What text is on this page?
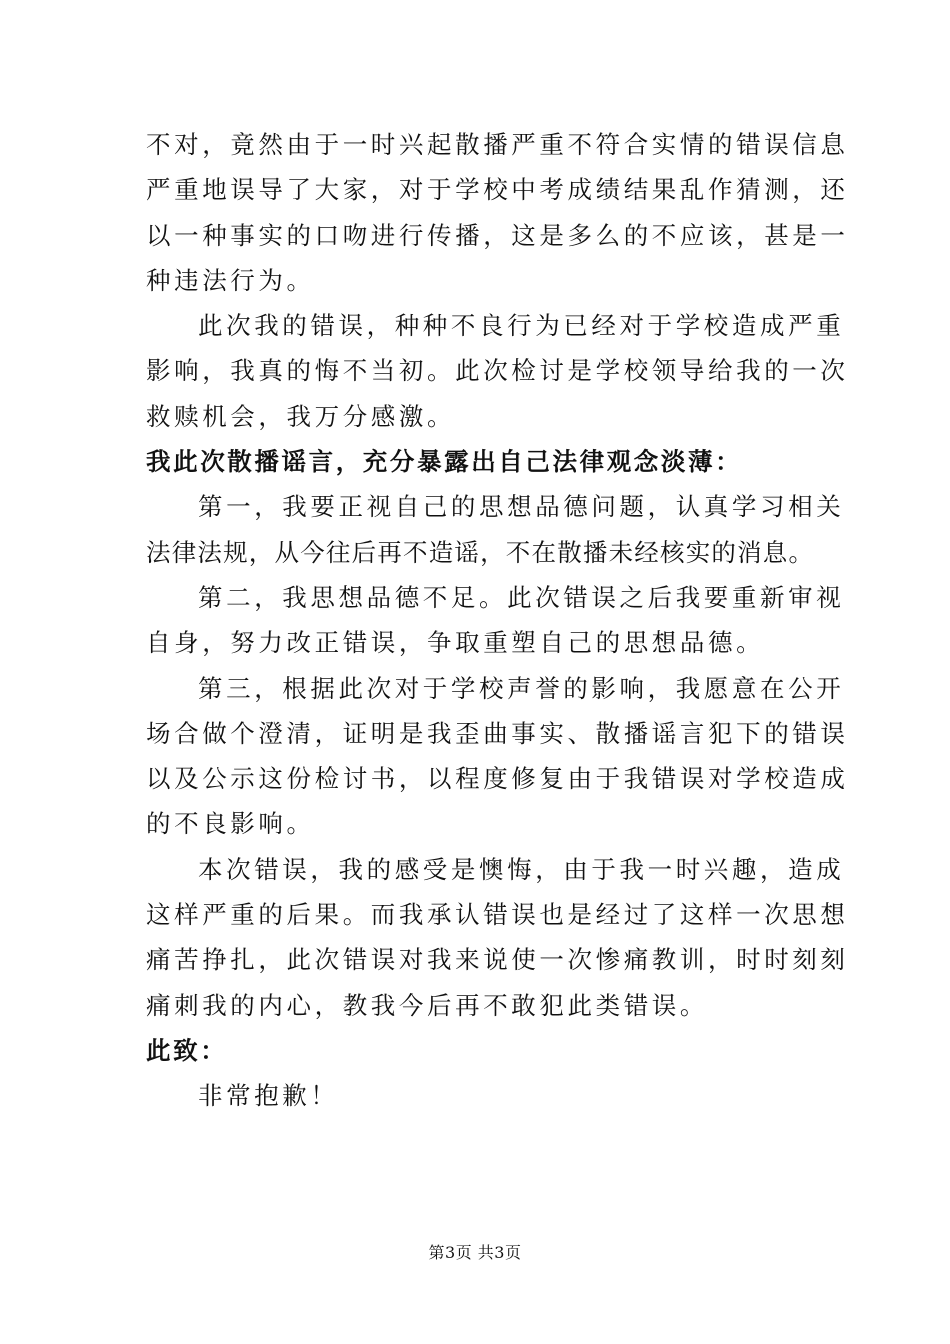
不对，竟然由于一时兴起散播严重不符合实情的错误信息
严重地误导了大家，对于学校中考成绩结果乱作猜测，还
以一种事实的口吻进行传播，这是多么的不应该，甚是一
种违法行为。
此次我的错误，种种不良行为已经对于学校造成严重
影响，我真的悔不当初。此次检讨是学校领导给我的一次
救赎机会，我万分感激。
我此次散播谣言，充分暴露出自己法律观念淡薄：
第一，我要正视自己的思想品德问题，认真学习相关
法律法规，从今往后再不造谣，不在散播未经核实的消息。
第二，我思想品德不足。此次错误之后我要重新审视
自身，努力改正错误，争取重塑自己的思想品德。
第三，根据此次对于学校声誉的影响，我愿意在公开
场合做个澄清，证明是我歪曲事实、散播谣言犯下的错误
以及公示这份检讨书，以程度修复由于我错误对学校造成
的不良影响。
本次错误，我的感受是懊悔，由于我一时兴趣，造成
这样严重的后果。而我承认错误也是经过了这样一次思想
痛苦挣扎，此次错误对我来说使一次惨痛教训，时时刻刻
痛刺我的内心，教我今后再不敢犯此类错误。
此致：
非常抱歉！
第3页 共3页
